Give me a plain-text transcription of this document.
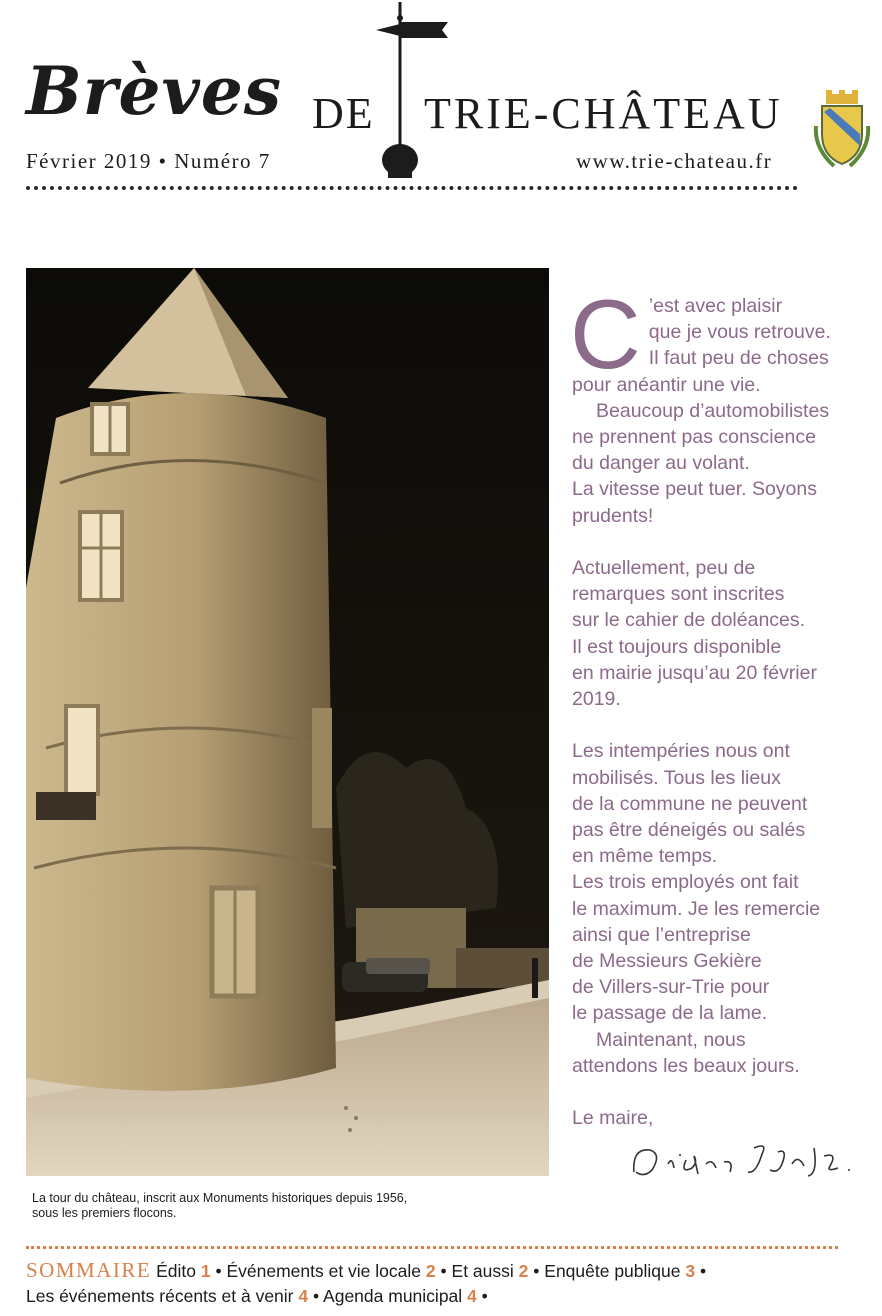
Brèves DE TRIE-CHÂTEAU
Février 2019 • Numéro 7	www.trie-chateau.fr
La tour du château, inscrit aux Monuments historiques depuis 1956,
sous les premiers flocons.
C ’est avec plaisir

que je vous retrouve.

Il faut peu de choses

pour anéantir une vie.

Beaucoup d’automobilistes

ne prennent pas conscience

du danger au volant.

La vitesse peut tuer. Soyons

prudents!

Actuellement, peu de

remarques sont inscrites

sur le cahier de doléances.

Il est toujours disponible

en mairie jusqu’au 20 février

2019.

Les intempéries nous ont

mobilisés. Tous les lieux

de la commune ne peuvent

pas être déneigés ou salés

en même temps.

Les trois employés ont fait

le maximum. Je les remercie

ainsi que l’entreprise

de Messieurs Gekière

de Villers-sur-Trie pour

le passage de la lame.

Maintenant, nous

attendons les beaux jours.

Le maire,

SOMMAIRE Édito 1 • Événements et vie locale 2 • Et aussi 2 • Enquête publique 3 •
Les événements récents et à venir 4 • Agenda municipal 4 •
